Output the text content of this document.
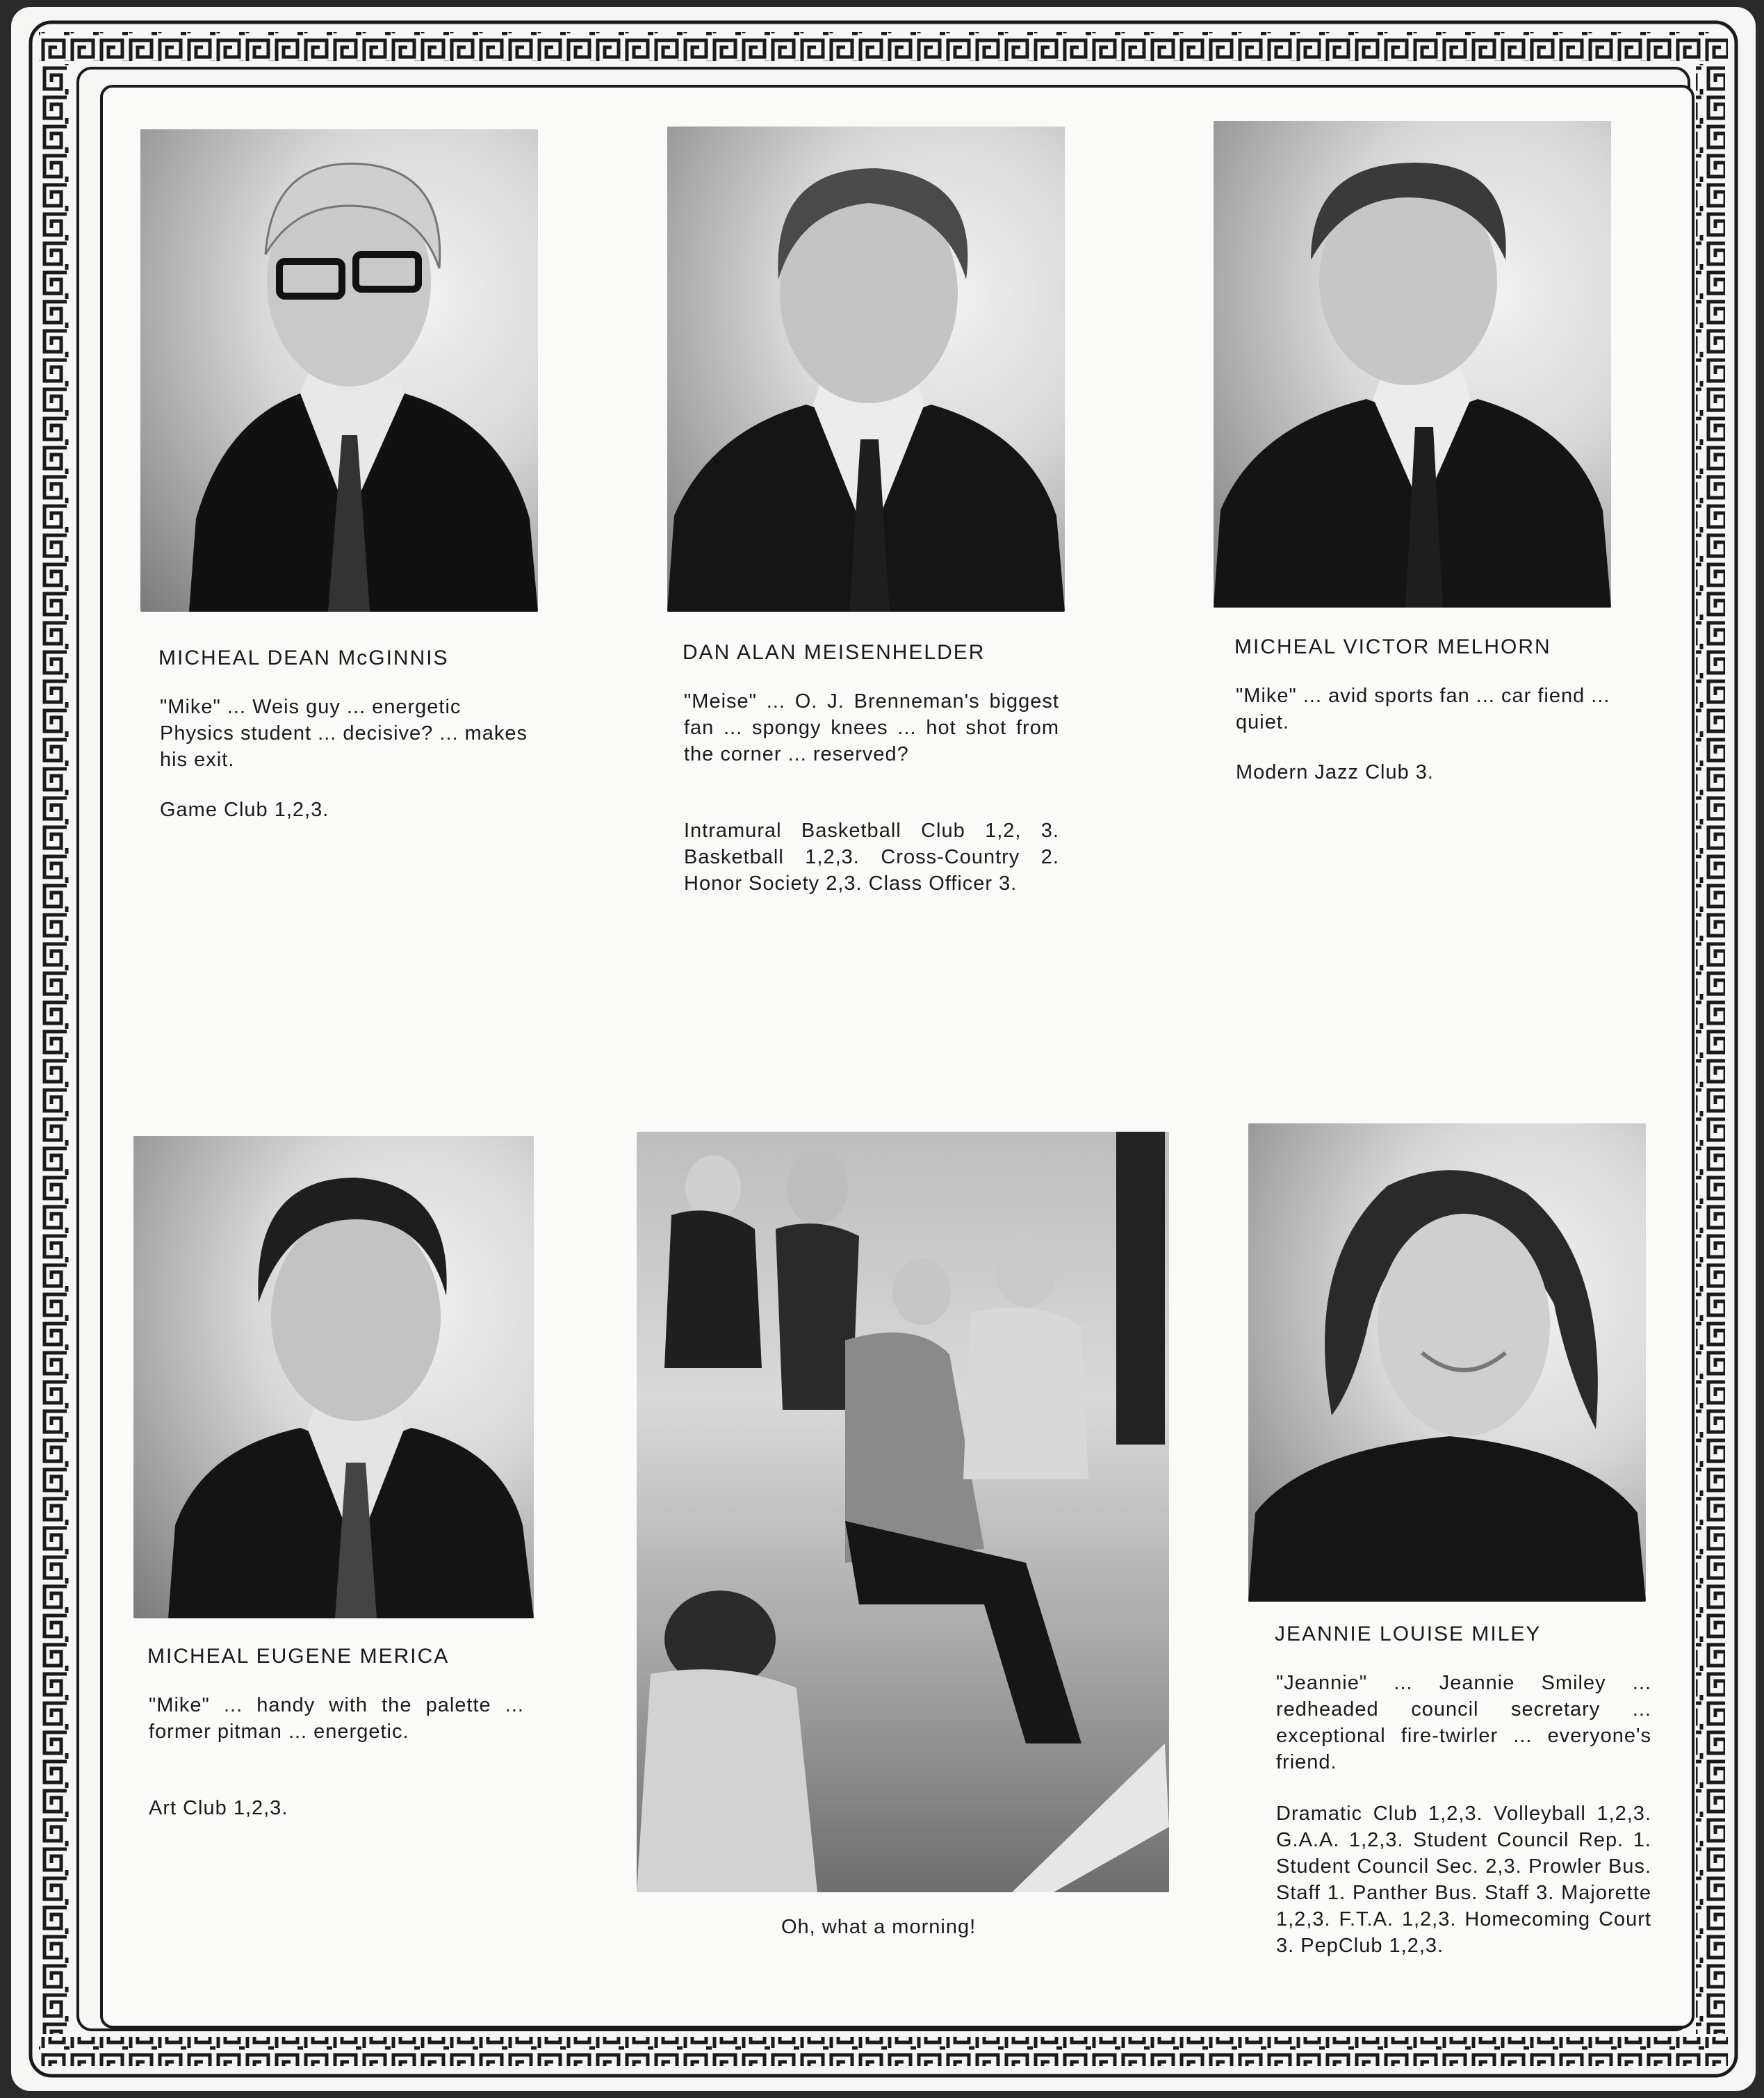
MICHEAL DEAN McGINNIS
"Mike" ... Weis guy ... energetic Physics student ... decisive? ... makes his exit.
Game Club 1,2,3.
DAN ALAN MEISENHELDER
"Meise" ... O. J. Brenneman's biggest fan ... spongy knees ... hot shot from the corner ... reserved?
Intramural Basketball Club 1,2, 3. Basketball 1,2,3. Cross-Country 2. Honor Society 2,3. Class Officer 3.
MICHEAL VICTOR MELHORN
"Mike" ... avid sports fan ... car fiend ... quiet.
Modern Jazz Club 3.
MICHEAL EUGENE MERICA
"Mike" ... handy with the palette ... former pitman ... energetic.
Art Club 1,2,3.
Oh, what a morning!
JEANNIE LOUISE MILEY
"Jeannie" ... Jeannie Smiley ... redheaded council secretary ... exceptional fire-twirler ... everyone's friend.
Dramatic Club 1,2,3. Volleyball 1,2,3. G.A.A. 1,2,3. Student Council Rep. 1. Student Council Sec. 2,3. Prowler Bus. Staff 1. Panther Bus. Staff 3. Majorette 1,2,3. F.T.A. 1,2,3. Homecoming Court 3. PepClub 1,2,3.
